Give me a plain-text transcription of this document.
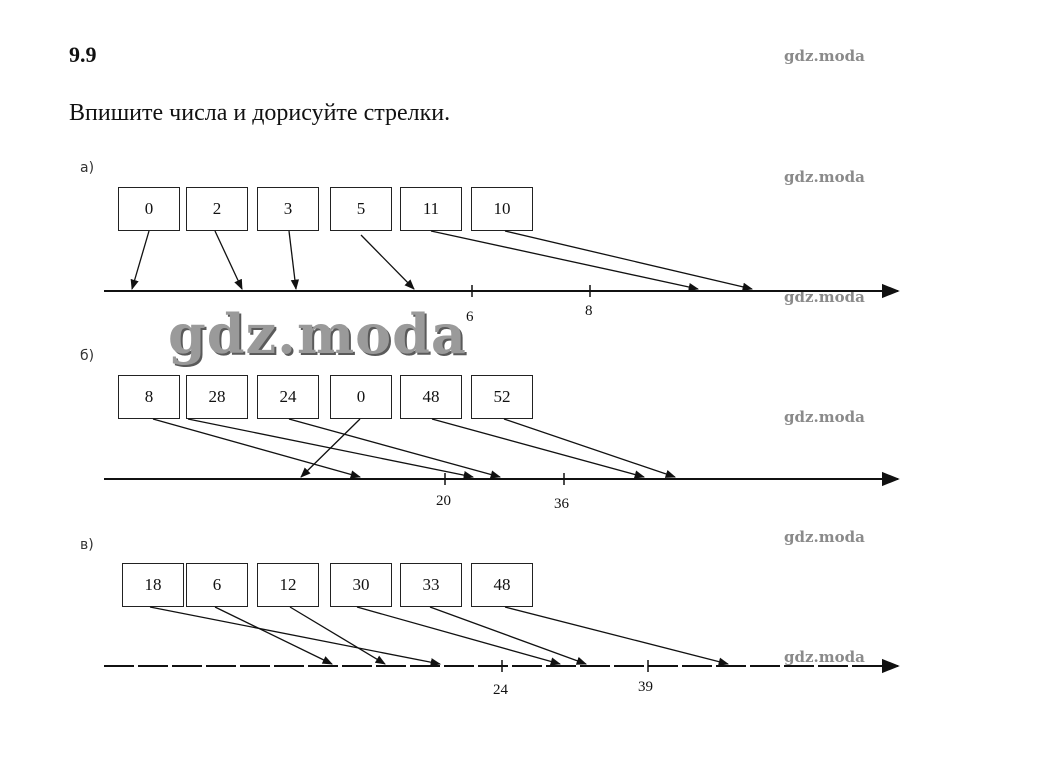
9.9
Впишите числа и дорисуйте стрелки.
gdz.moda
gdz.moda
gdz.moda
gdz.moda
gdz.moda
gdz.moda
а)
б)
в)
0	2	3	5	11	10
8	28	24	0	48	52
18	6	12	30	33	48
6	8
20	36
24	39
gdz.moda
